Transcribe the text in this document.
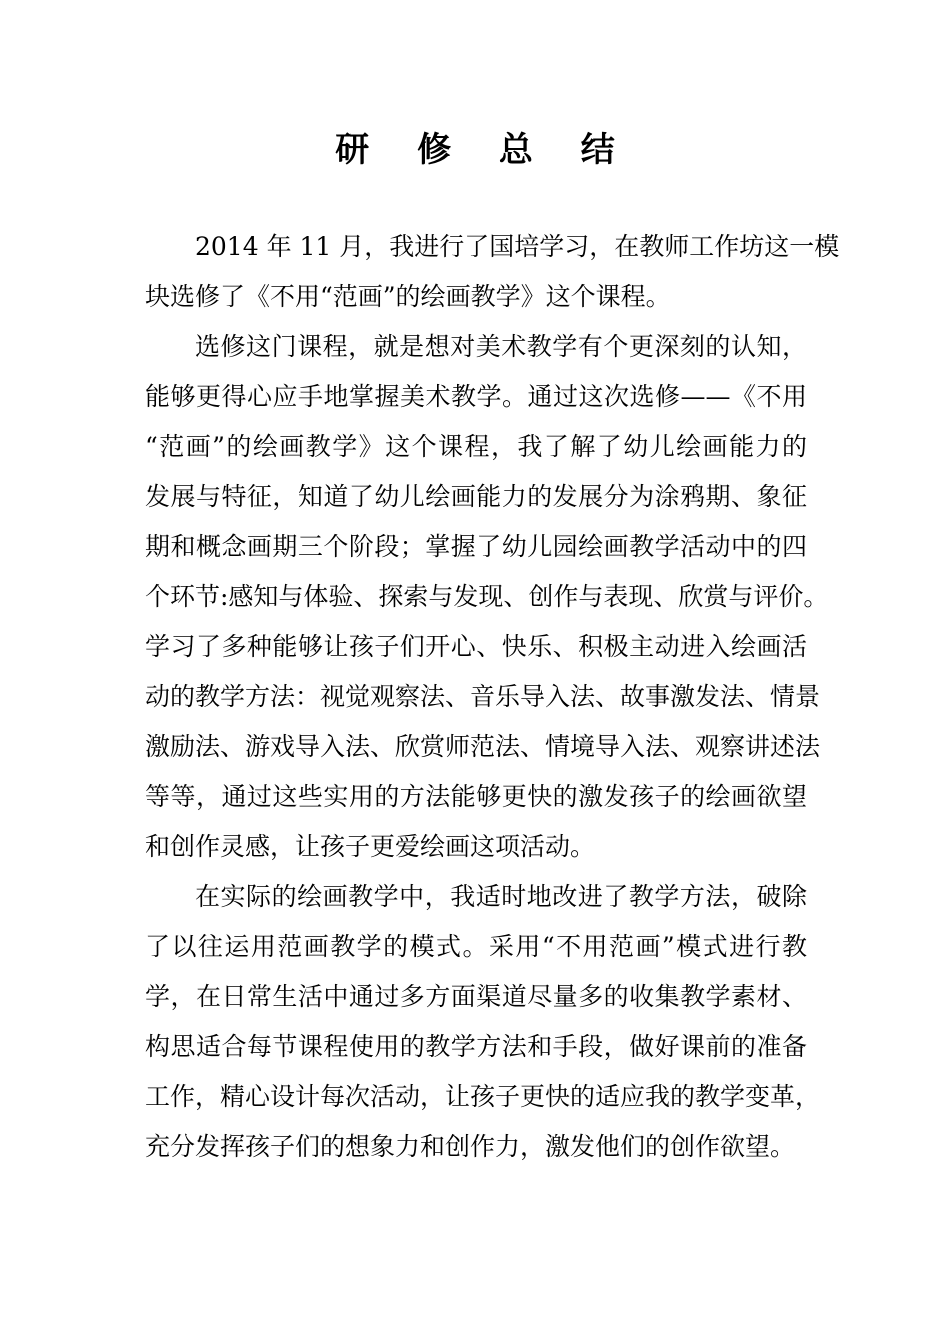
研 修 总 结
2014 年 11 月，我进行了国培学习，在教师工作坊这一模
块选修了《不用“范画”的绘画教学》这个课程。
选修这门课程，就是想对美术教学有个更深刻的认知，
能够更得心应手地掌握美术教学。通过这次选修——《不用
“范画”的绘画教学》这个课程，我了解了幼儿绘画能力的
发展与特征，知道了幼儿绘画能力的发展分为涂鸦期、象征
期和概念画期三个阶段；掌握了幼儿园绘画教学活动中的四
个环节:感知与体验、探索与发现、创作与表现、欣赏与评价。
学习了多种能够让孩子们开心、快乐、积极主动进入绘画活
动的教学方法：视觉观察法、音乐导入法、故事激发法、情景
激励法、游戏导入法、欣赏师范法、情境导入法、观察讲述法
等等，通过这些实用的方法能够更快的激发孩子的绘画欲望
和创作灵感，让孩子更爱绘画这项活动。
在实际的绘画教学中，我适时地改进了教学方法，破除
了以往运用范画教学的模式。采用“不用范画”模式进行教
学，在日常生活中通过多方面渠道尽量多的收集教学素材、
构思适合每节课程使用的教学方法和手段，做好课前的准备
工作，精心设计每次活动，让孩子更快的适应我的教学变革，
充分发挥孩子们的想象力和创作力，激发他们的创作欲望。
